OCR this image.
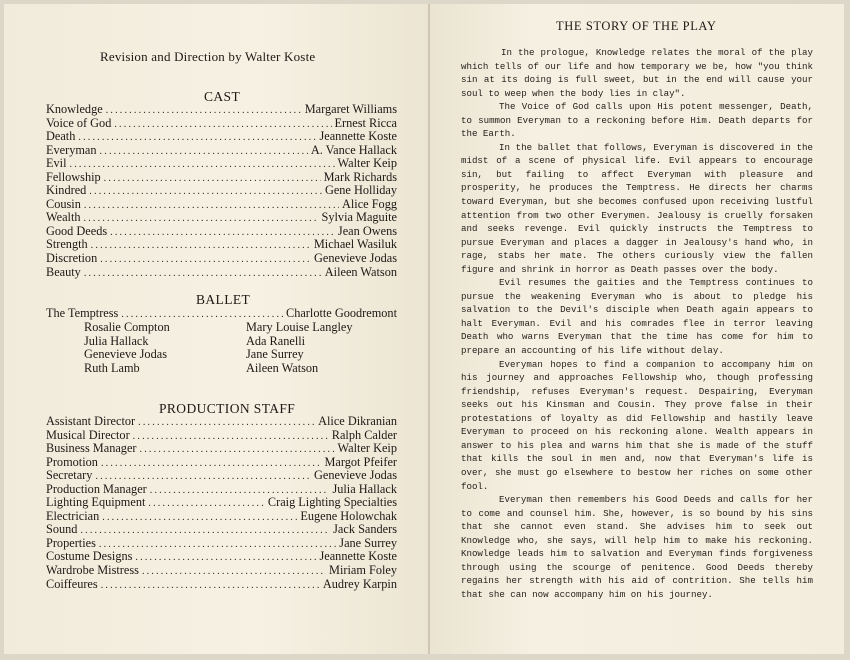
Revision and Direction by Walter Koste
CAST
Knowledge .....	Margaret Williams
Voice of God .....	Ernest Ricca
Death .....	Jeannette Koste
Everyman .....	A. Vance Hallack
Evil .....	Walter Keip
Fellowship .....	Mark Richards
Kindred .....	Gene Holliday
Cousin .....	Alice Fogg
Wealth .....	Sylvia Maguite
Good Deeds .....	Jean Owens
Strength .....	Michael Wasiluk
Discretion .....	Genevieve Jodas
Beauty .....	Aileen Watson
BALLET
The Temptress .....	Charlotte Goodremont
Rosalie Compton	Mary Louise Langley
Julia Hallack	Ada Ranelli
Genevieve Jodas	Jane Surrey
Ruth Lamb	Aileen Watson
PRODUCTION STAFF
Assistant Director .....	Alice Dikranian
Musical Director .....	Ralph Calder
Business Manager .....	Walter Keip
Promotion .....	Margot Pfeifer
Secretary .....	Genevieve Jodas
Production Manager .....	Julia Hallack
Lighting Equipment .....	Craig Lighting Specialties
Electrician .....	Eugene Holowchak
Sound .....	Jack Sanders
Properties .....	Jane Surrey
Costume Designs .....	Jeannette Koste
Wardrobe Mistress .....	Miriam Foley
Coiffeures .....	Audrey Karpin
THE STORY OF THE PLAY

In the prologue, Knowledge relates the moral of the play which tells of our life and how temporary we be, how "you think sin at its doing is full sweet, but in the end will cause your soul to weep when the body lies in clay".

The Voice of God calls upon His potent messenger, Death, to summon Everyman to a reckoning before Him. Death departs for the Earth.

In the ballet that follows, Everyman is discovered in the midst of a scene of physical life. Evil appears to encourage sin, but failing to affect Everyman with pleasure and prosperity, he produces the Temptress. He directs her charms toward Everyman, but she becomes confused upon receiving lustful attention from two other Everymen. Jealousy is cruelly forsaken and seeks revenge. Evil quickly instructs the Temptress to pursue Everyman and places a dagger in Jealousy's hand who, in rage, stabs her mate. The others curiously view the fallen figure and shrink in horror as Death passes over the body.

Evil resumes the gaities and the Temptress continues to pursue the weakening Everyman who is about to pledge his salvation to the Devil's disciple when Death again appears to halt Everyman. Evil and his comrades flee in terror leaving Death who warns Everyman that the time has come for him to prepare an accounting of his life without delay.

Everyman hopes to find a companion to accompany him on his journey and approaches Fellowship who, though professing friendship, refuses Everyman's request. Despairing, Everyman seeks out his Kinsman and Cousin. They prove false in their protestations of loyalty as did Fellowship and hastily leave Everyman to proceed on his reckoning alone. Wealth appears in answer to his plea and warns him that she is made of the stuff that kills the soul in men and, now that Everyman's life is over, she must go elsewhere to bestow her riches on some other fool.

Everyman then remembers his Good Deeds and calls for her to come and counsel him. She, however, is so bound by his sins that she cannot even stand. She advises him to seek out Knowledge who, she says, will help him to make his reckoning. Knowledge leads him to salvation and Everyman finds forgiveness through using the scourge of penitence. Good Deeds thereby regains her strength with his aid of contrition. She tells him that she can now accompany him on his journey.
